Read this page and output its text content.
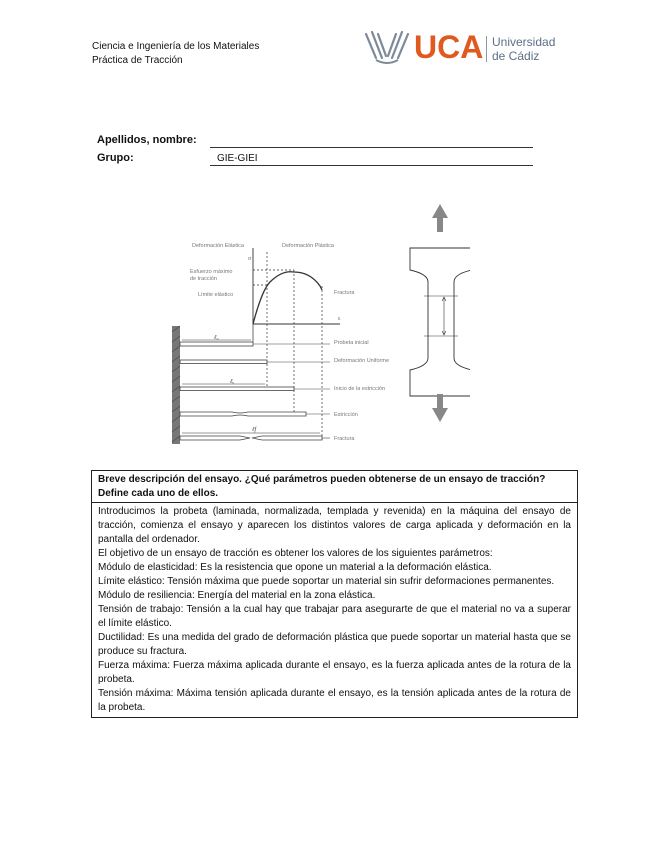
Ciencia e Ingeniería de los Materiales
Práctica de Tracción	UCA Universidad
de Cádiz
Apellidos, nombre:
Grupo:	GIE-GIEI
Deformación Elástica	Deformación Plástica
σ
Esfuerzo máximo
de tracción
Límite elástico	Fractura
ε
Probeta inicial
Deformación Uniforme
Inicio de la estricción
Estricción
Fractura
ℓ₀
ℓᵤ
ℓf
Breve descripción del ensayo. ¿Qué parámetros pueden obtenerse de un ensayo de tracción?
Define cada uno de ellos.

Introducimos la probeta (laminada, normalizada, templada y revenida) en la máquina del ensayo de tracción, comienza el ensayo y aparecen los distintos valores de carga aplicada y deformación en la pantalla del ordenador.

El objetivo de un ensayo de tracción es obtener los valores de los siguientes parámetros:

Módulo de elasticidad: Es la resistencia que opone un material a la deformación elástica.

Límite elástico: Tensión máxima que puede soportar un material sin sufrir deformaciones permanentes.

Módulo de resiliencia: Energía del material en la zona elástica.

Tensión de trabajo: Tensión a la cual hay que trabajar para asegurarte de que el material no va a superar el límite elástico.

Ductilidad: Es una medida del grado de deformación plástica que puede soportar un material hasta que se produce su fractura.

Fuerza máxima: Fuerza máxima aplicada durante el ensayo, es la fuerza aplicada antes de la rotura de la probeta.

Tensión máxima: Máxima tensión aplicada durante el ensayo, es la tensión aplicada antes de la rotura de la probeta.
